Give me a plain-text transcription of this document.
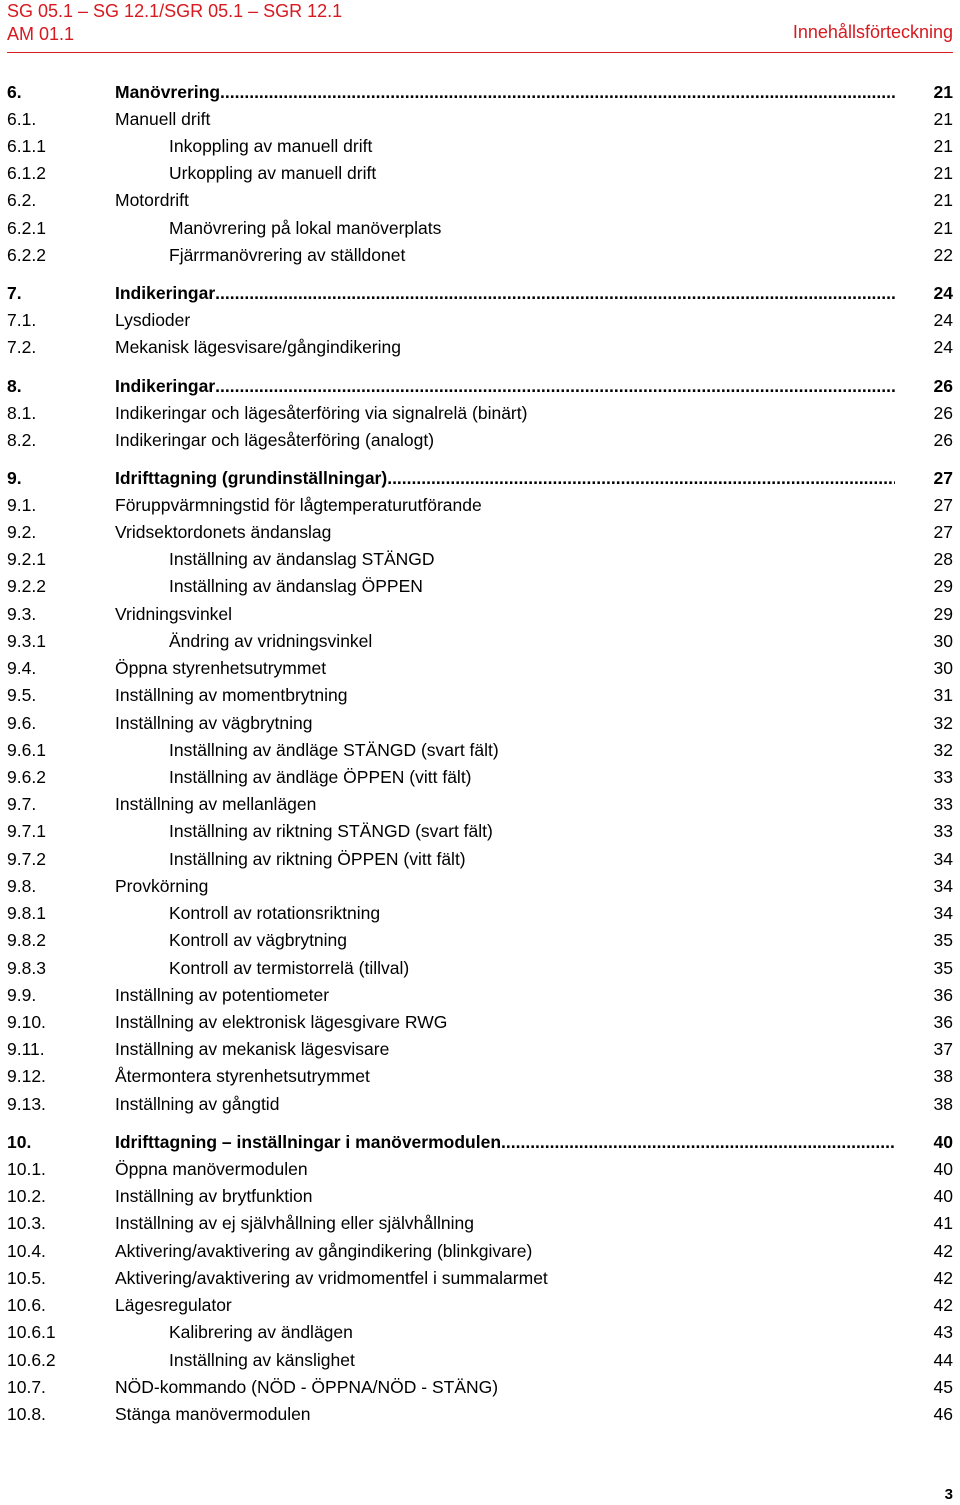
SG 05.1 – SG 12.1/SGR 05.1 – SGR 12.1
AM 01.1	Innehållsförteckning
6.	Manövrering .....	21
6.1.	Manuell drift	21
6.1.1	Inkoppling av manuell drift	21
6.1.2	Urkoppling av manuell drift	21
6.2.	Motordrift	21
6.2.1	Manövrering på lokal manöverplats	21
6.2.2	Fjärrmanövrering av ställdonet	22
7.	Indikeringar .....	24
7.1.	Lysdioder	24
7.2.	Mekanisk lägesvisare/gångindikering	24
8.	Indikeringar .....	26
8.1.	Indikeringar och lägesåterföring via signalrelä (binärt)	26
8.2.	Indikeringar och lägesåterföring (analogt)	26
9.	Idrifttagning (grundinställningar) .....	27
9.1.	Föruppvärmningstid för lågtemperaturutförande	27
9.2.	Vridsektordonets ändanslag	27
9.2.1	Inställning av ändanslag STÄNGD	28
9.2.2	Inställning av ändanslag ÖPPEN	29
9.3.	Vridningsvinkel	29
9.3.1	Ändring av vridningsvinkel	30
9.4.	Öppna styrenhetsutrymmet	30
9.5.	Inställning av momentbrytning	31
9.6.	Inställning av vägbrytning	32
9.6.1	Inställning av ändläge STÄNGD (svart fält)	32
9.6.2	Inställning av ändläge ÖPPEN (vitt fält)	33
9.7.	Inställning av mellanlägen	33
9.7.1	Inställning av riktning STÄNGD (svart fält)	33
9.7.2	Inställning av riktning ÖPPEN (vitt fält)	34
9.8.	Provkörning	34
9.8.1	Kontroll av rotationsriktning	34
9.8.2	Kontroll av vägbrytning	35
9.8.3	Kontroll av termistorrelä (tillval)	35
9.9.	Inställning av potentiometer	36
9.10.	Inställning av elektronisk lägesgivare RWG	36
9.11.	Inställning av mekanisk lägesvisare	37
9.12.	Återmontera styrenhetsutrymmet	38
9.13.	Inställning av gångtid	38
10.	Idrifttagning – inställningar i manövermodulen .....	40
10.1.	Öppna manövermodulen	40
10.2.	Inställning av brytfunktion	40
10.3.	Inställning av ej självhållning eller självhållning	41
10.4.	Aktivering/avaktivering av gångindikering (blinkgivare)	42
10.5.	Aktivering/avaktivering av vridmomentfel i summalarmet	42
10.6.	Lägesregulator	42
10.6.1	Kalibrering av ändlägen	43
10.6.2	Inställning av känslighet	44
10.7.	NÖD-kommando (NÖD - ÖPPNA/NÖD - STÄNG)	45
10.8.	Stänga manövermodulen	46
3
